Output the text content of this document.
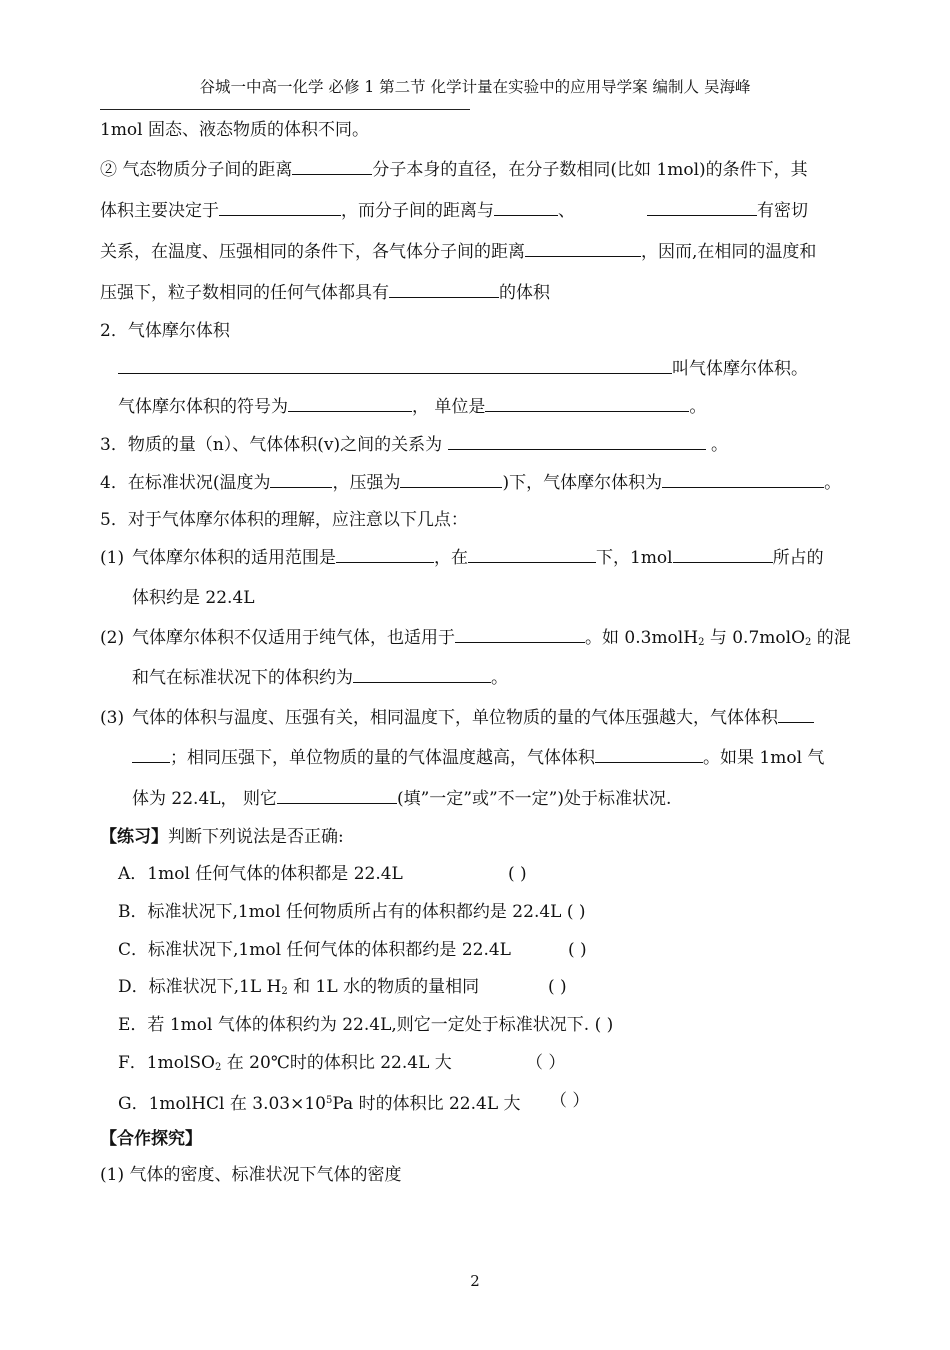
谷城一中高一化学 必修 1 第二节 化学计量在实验中的应用导学案 编制人 吴海峰
1mol 固态、液态物质的体积不同。
② 气态物质分子间的距离	分子本身的直径，在分子数相同(比如 1mol)的条件下，其
体积主要决定于	，而分子间的距离与	、	有密切
关系，在温度、压强相同的条件下，各气体分子间的距离	，因而,在相同的温度和
压强下，粒子数相同的任何气体都具有	的体积
2．气体摩尔体积
叫气体摩尔体积。
气体摩尔体积的符号为	， 单位是	。
3．物质的量（n）、气体体积(v)之间的关系为	。
4．在标准状况(温度为	，压强为	)下，气体摩尔体积为	。
5．对于气体摩尔体积的理解，应注意以下几点：
(1) 气体摩尔体积的适用范围是	，在	下，1mol	所占的
体积约是 22.4L
(2) 气体摩尔体积不仅适用于纯气体，也适用于	。如 0.3molH$_2$ 与 0.7molO$_2$ 的混
和气在标准状况下的体积约为	。
(3) 气体的体积与温度、压强有关，相同温度下，单位物质的量的气体压强越大，气体体积
；相同压强下，单位物质的量的气体温度越高，气体体积	。如果 1mol 气
体为 22.4L， 则它	(填”一定”或”不一定”)处于标准状况.
【练习】判断下列说法是否正确:
A．1mol 任何气体的体积都是 22.4L	( )
B．标准状况下,1mol 任何物质所占有的体积都约是 22.4L ( )
C．标准状况下,1mol 任何气体的体积都约是 22.4L	( )
D．标准状况下,1L $H_2$ 和 1L 水的物质的量相同	( )
E．若 1mol 气体的体积约为 22.4L,则它一定处于标准状况下. ( )
F．1molSO$_2$ 在 20℃时的体积比 22.4L 大	（ ）
G．1molHCl 在 $3.03\times 10^5Pa$ 时的体积比 22.4L 大 （ ）
【合作探究】
(1) 气体的密度、标准状况下气体的密度
2
